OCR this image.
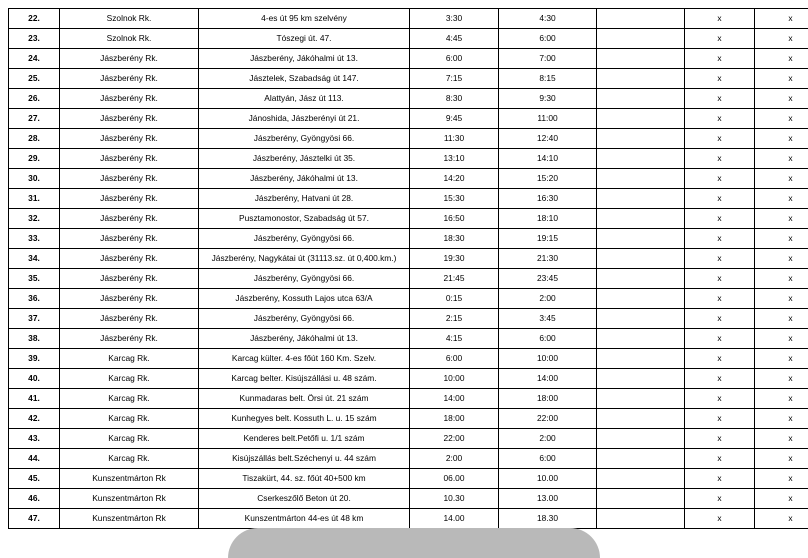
22.	Szolnok Rk.	4-es út 95 km szelvény	3:30	4:30		x	x
23.	Szolnok Rk.	Tószegi út. 47.	4:45	6:00		x	x
24.	Jászberény Rk.	Jászberény, Jákóhalmi út 13.	6:00	7:00		x	x
25.	Jászberény Rk.	Jásztelek, Szabadság út 147.	7:15	8:15		x	x
26.	Jászberény Rk.	Alattyán, Jász út 113.	8:30	9:30		x	x
27.	Jászberény Rk.	Jánoshida, Jászberényi út 21.	9:45	11:00		x	x
28.	Jászberény Rk.	Jászberény, Gyöngyösi 66.	11:30	12:40		x	x
29.	Jászberény Rk.	Jászberény, Jásztelki út 35.	13:10	14:10		x	x
30.	Jászberény Rk.	Jászberény, Jákóhalmi út 13.	14:20	15:20		x	x
31.	Jászberény Rk.	Jászberény, Hatvani út 28.	15:30	16:30		x	x
32.	Jászberény Rk.	Pusztamonostor, Szabadság út 57.	16:50	18:10		x	x
33.	Jászberény Rk.	Jászberény, Gyöngyösi 66.	18:30	19:15		x	x
34.	Jászberény Rk.	Jászberény, Nagykátai út (31113.sz. út 0,400.km.)	19:30	21:30		x	x
35.	Jászberény Rk.	Jászberény, Gyöngyösi 66.	21:45	23:45		x	x
36.	Jászberény Rk.	Jászberény, Kossuth Lajos utca 63/A	0:15	2:00		x	x
37.	Jászberény Rk.	Jászberény, Gyöngyösi 66.	2:15	3:45		x	x
38.	Jászberény Rk.	Jászberény, Jákóhalmi út 13.	4:15	6:00		x	x
39.	Karcag Rk.	Karcag külter. 4-es főút 160 Km. Szelv.	6:00	10:00		x	x
40.	Karcag Rk.	Karcag belter. Kisújszállási u. 48 szám.	10:00	14:00		x	x
41.	Karcag Rk.	Kunmadaras belt. Örsi út. 21 szám	14:00	18:00		x	x
42.	Karcag Rk.	Kunhegyes belt. Kossuth L. u. 15 szám	18:00	22:00		x	x
43.	Karcag Rk.	Kenderes belt.Petőfi u. 1/1 szám	22:00	2:00		x	x
44.	Karcag Rk.	Kisújszállás belt.Széchenyi u. 44 szám	2:00	6:00		x	x
45.	Kunszentmárton Rk	Tiszakürt, 44. sz. főút 40+500 km	06.00	10.00		x	x
46.	Kunszentmárton Rk	Cserkeszőlő Beton út 20.	10.30	13.00		x	x
47.	Kunszentmárton Rk	Kunszentmárton 44-es út 48 km	14.00	18.30		x	x
